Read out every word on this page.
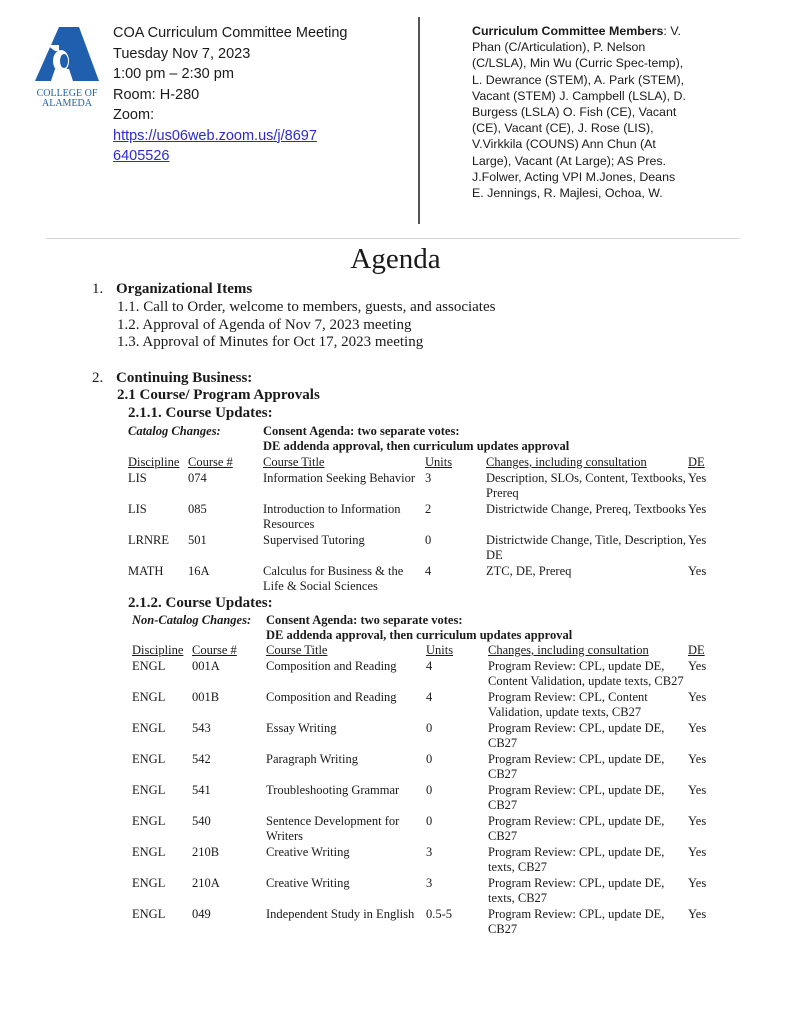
COLLEGE OF
ALAMEDA
COA Curriculum Committee Meeting
Tuesday Nov 7, 2023
1:00 pm – 2:30 pm
Room: H-280
Zoom:
https://us06web.zoom.us/j/8697
6405526
Curriculum Committee Members: V. Phan (C/Articulation), P. Nelson (C/LSLA), Min Wu (Curric Spec-temp), L. Dewrance (STEM), A. Park (STEM), Vacant (STEM) J. Campbell (LSLA), D. Burgess (LSLA) O. Fish (CE), Vacant (CE), Vacant (CE), J. Rose (LIS), V.Virkkila (COUNS) Ann Chun (At Large), Vacant (At Large); AS Pres. J.Folwer, Acting VPI M.Jones, Deans E. Jennings, R. Majlesi, Ochoa, W.
Agenda
1. Organizational Items
1.1. Call to Order, welcome to members, guests, and associates
1.2. Approval of Agenda of Nov 7, 2023 meeting
1.3. Approval of Minutes for Oct 17, 2023 meeting
2. Continuing Business:
2.1 Course/ Program Approvals
2.1.1. Course Updates:
Catalog Changes:	Consent Agenda: two separate votes:
DE addenda approval, then curriculum updates approval
Discipline	Course #	Course Title	Units	Changes, including consultation	DE
LIS	074	Information Seeking Behavior	3	Description, SLOs, Content, Textbooks, Prereq	Yes
LIS	085	Introduction to Information Resources	2	Districtwide Change, Prereq, Textbooks	Yes
LRNRE	501	Supervised Tutoring	0	Districtwide Change, Title, Description, DE	Yes
MATH	16A	Calculus for Business & the Life & Social Sciences	4	ZTC, DE, Prereq	Yes
2.1.2. Course Updates:
Non-Catalog Changes: Consent Agenda: two separate votes:
DE addenda approval, then curriculum updates approval
Discipline	Course #	Course Title	Units	Changes, including consultation	DE
ENGL	001A	Composition and Reading	4	Program Review: CPL, update DE, Content Validation, update texts, CB27	Yes
ENGL	001B	Composition and Reading	4	Program Review: CPL, Content Validation, update texts, CB27	Yes
ENGL	543	Essay Writing	0	Program Review: CPL, update DE, CB27	Yes
ENGL	542	Paragraph Writing	0	Program Review: CPL, update DE, CB27	Yes
ENGL	541	Troubleshooting Grammar	0	Program Review: CPL, update DE, CB27	Yes
ENGL	540	Sentence Development for Writers	0	Program Review: CPL, update DE, CB27	Yes
ENGL	210B	Creative Writing	3	Program Review: CPL, update DE, texts, CB27	Yes
ENGL	210A	Creative Writing	3	Program Review: CPL, update DE, texts, CB27	Yes
ENGL	049	Independent Study in English	0.5-5	Program Review: CPL, update DE, CB27	Yes
